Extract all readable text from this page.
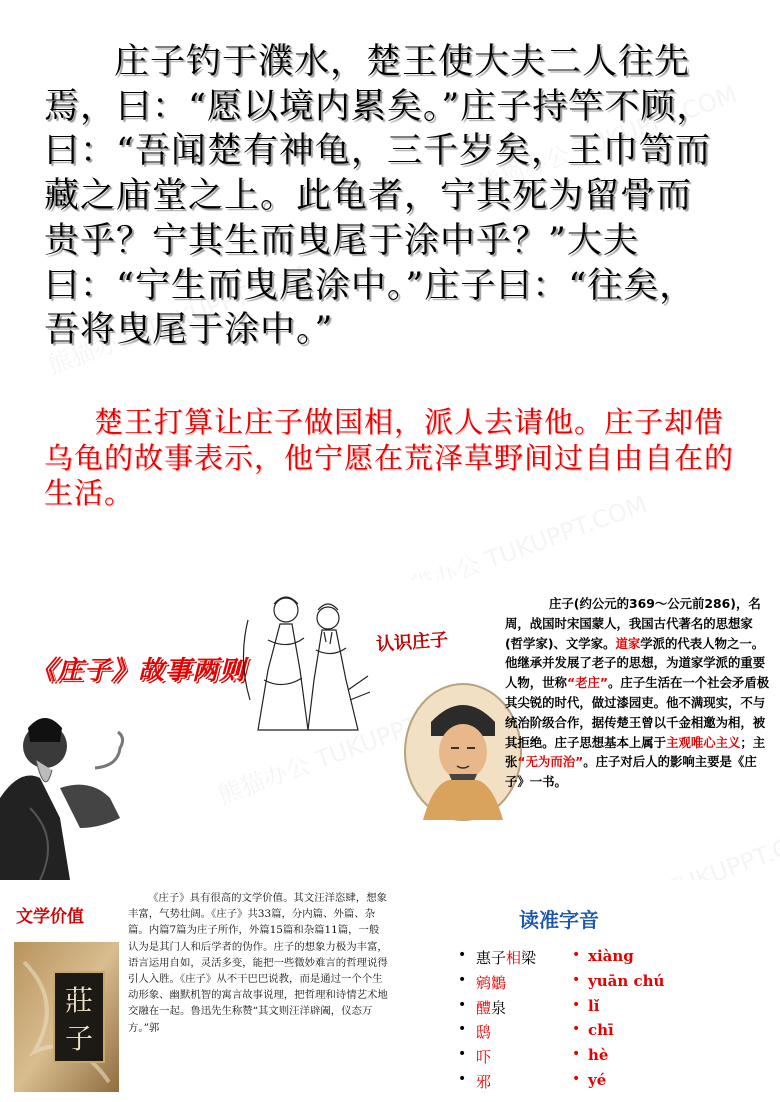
庄子钓于濮水，楚王使大夫二人往先焉，曰：“愿以境内累矣。”庄子持竿不顾，曰：“吾闻楚有神龟，三千岁矣，王巾笥而藏之庙堂之上。此龟者，宁其死为留骨而贵乎？宁其生而曳尾于涂中乎？”大夫曰：“宁生而曳尾涂中。”庄子曰：“往矣，吾将曳尾于涂中。”

楚王打算让庄子做国相，派人去请他。庄子却借乌龟的故事表示，他宁愿在荒泽草野间过自由自在的生活。

《庄子》故事两则
认识庄子

庄子(约公元的369～公元前286)，名周，战国时宋国蒙人，我国古代著名的思想家(哲学家)、文学家。道家学派的代表人物之一。他继承并发展了老子的思想，为道家学派的重要人物，世称“老庄”。庄子生活在一个社会矛盾极其尖锐的时代，做过漆园吏。他不满现实，不与统治阶级合作，据传楚王曾以千金相邀为相，被其拒绝。庄子思想基本上属于主观唯心主义；主张“无为而治”。庄子对后人的影响主要是《庄子》一书。

文学价值
莊
子

《庄子》具有很高的文学价值。其文汪洋恣肆，想象丰富，气势壮阔。《庄子》共33篇，分内篇、外篇、杂篇。内篇7篇为庄子所作，外篇15篇和杂篇11篇，一般认为是其门人和后学者的伪作。庄子的想象力极为丰富，语言运用自如，灵活多变，能把一些微妙难言的哲理说得引人入胜。《庄子》从不干巴巴说教，而是通过一个个生动形象、幽默机智的寓言故事说理，把哲理和诗情艺术地交融在一起。鲁迅先生称赞“其文则汪洋辟阖，仪态万方。”郭

读准字音
• 惠子相梁	• xiàng
• 鹓鶵	• yuān chú
• 醴泉	• lǐ
• 鸱	• chī
• 吓	• hè
• 邪	• yé
